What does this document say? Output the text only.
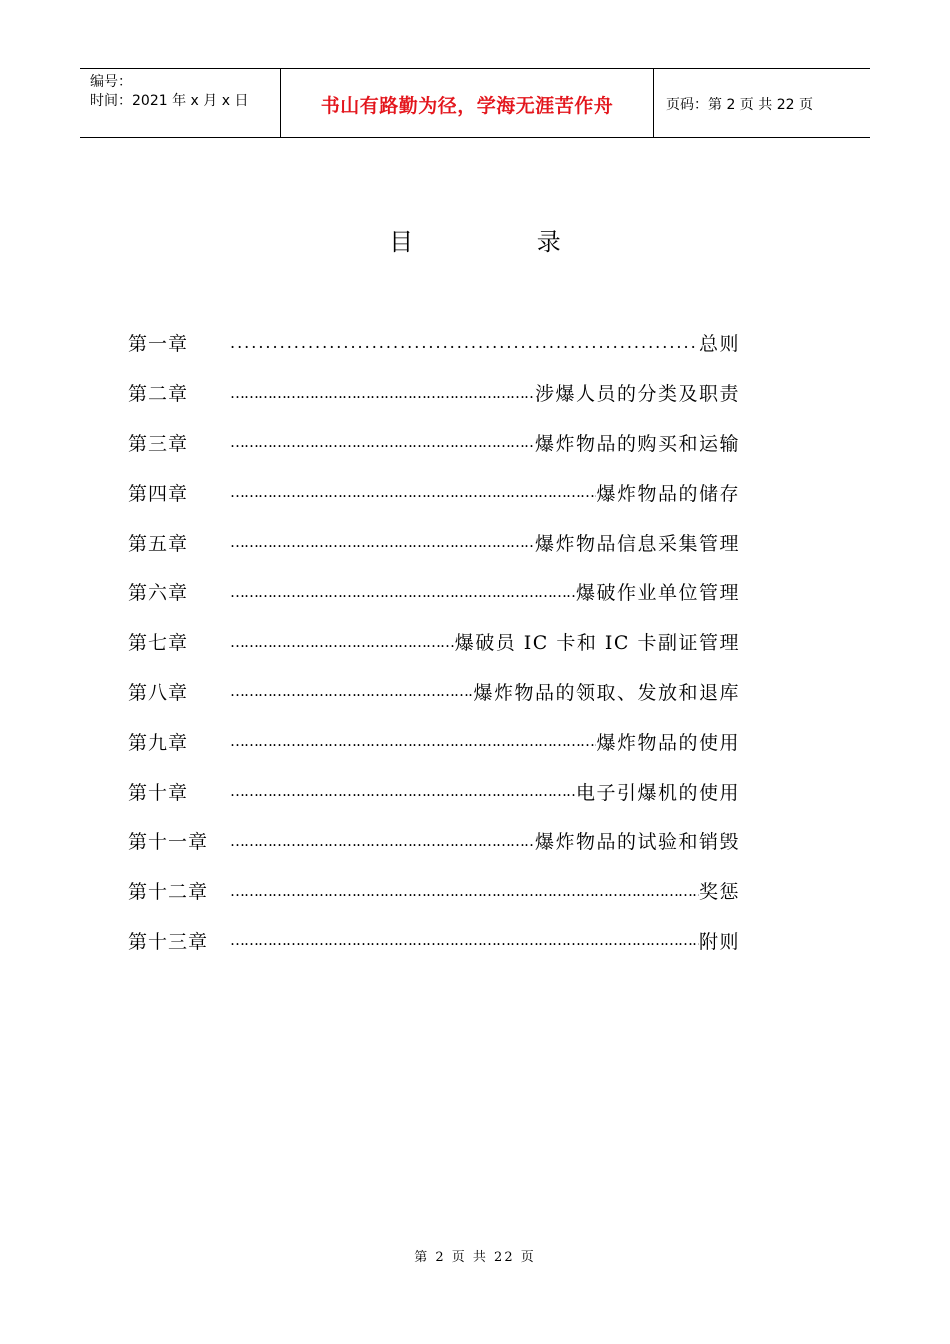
编号：
时间：2021 年 x 月 x 日	书山有路勤为径，学海无涯苦作舟	页码：第 2 页 共 22 页
目 录
第一章 .....	总则
第二章 …………………………………………………………………………………………………………………………	涉爆人员的分类及职责
第三章 …………………………………………………………………………………………………………………………	爆炸物品的购买和运输
第四章 …………………………………………………………………………………………………………………………	爆炸物品的储存
第五章 …………………………………………………………………………………………………………………………	爆炸物品信息采集管理
第六章 …………………………………………………………………………………………………………………………	爆破作业单位管理
第七章 …………………………………………………………………………………………………………………………	爆破员 IC 卡和 IC 卡副证管理
第八章 …………………………………………………………………………………………………………………………	爆炸物品的领取、发放和退库
第九章 …………………………………………………………………………………………………………………………	爆炸物品的使用
第十章 …………………………………………………………………………………………………………………………	电子引爆机的使用
第十一章 …………………………………………………………………………………………………………………………	爆炸物品的试验和销毁
第十二章 …………………………………………………………………………………………………………………………	奖惩
第十三章 …………………………………………………………………………………………………………………………	附则
第 2 页 共 22 页
